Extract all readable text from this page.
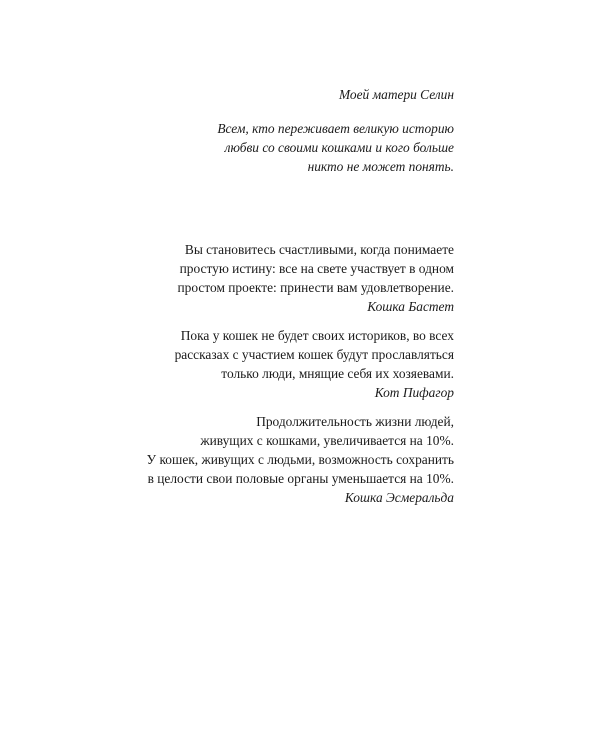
Моей матери Селин
Всем, кто переживает великую историю
любви со своими кошками и кого больше
никто не может понять.
Вы становитесь счастливыми, когда понимаете
простую истину: все на свете участвует в одном
простом проекте: принести вам удовлетворение.
Кошка Бастет
Пока у кошек не будет своих историков, во всех
рассказах с участием кошек будут прославляться
только люди, мнящие себя их хозяевами.
Кот Пифагор
Продолжительность жизни людей,
живущих с кошками, увеличивается на 10%.
У кошек, живущих с людьми, возможность сохранить
в целости свои половые органы уменьшается на 10%.
Кошка Эсмеральда
